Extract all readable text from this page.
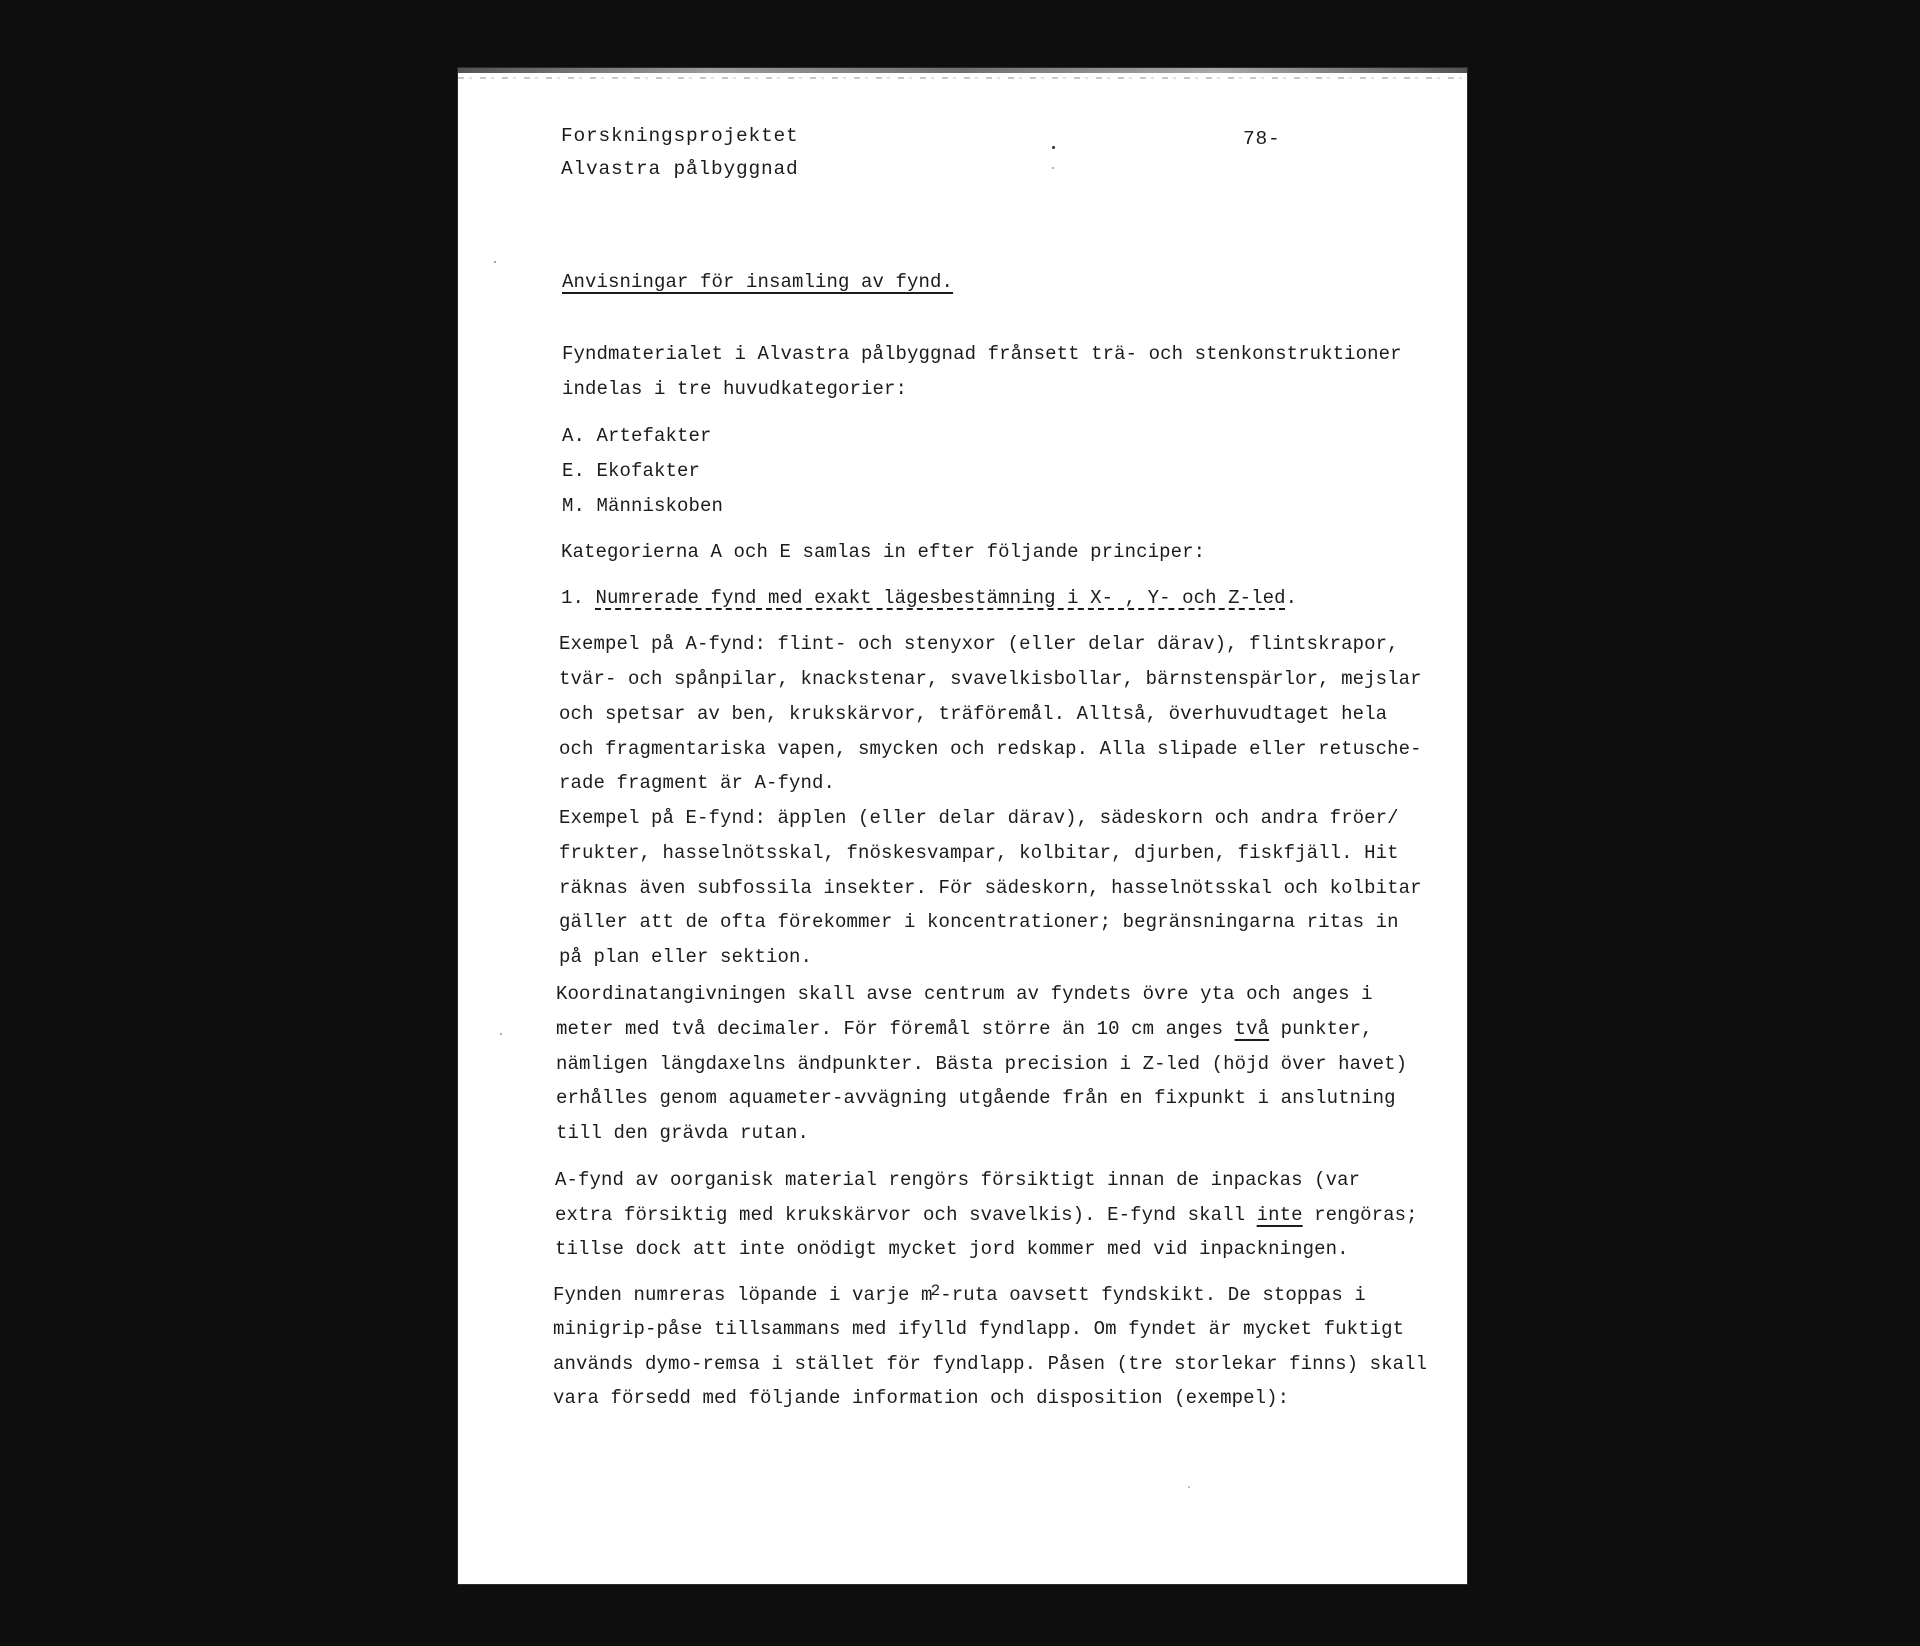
Forskningsprojektet
Alvastra pålbyggnad
78-
Anvisningar för insamling av fynd.
Fyndmaterialet i Alvastra pålbyggnad frånsett trä- och stenkonstruktioner
indelas i tre huvudkategorier:
A. Artefakter
E. Ekofakter
M. Människoben
Kategorierna A och E samlas in efter följande principer:
1. Numrerade fynd med exakt lägesbestämning i X- , Y- och Z-led.
Exempel på A-fynd: flint- och stenyxor (eller delar därav), flintskrapor,
tvär- och spånpilar, knackstenar, svavelkisbollar, bärnstenspärlor, mejslar
och spetsar av ben, krukskärvor, träföremål. Alltså, överhuvudtaget hela
och fragmentariska vapen, smycken och redskap. Alla slipade eller retusche-
rade fragment är A-fynd.
Exempel på E-fynd: äpplen (eller delar därav), sädeskorn och andra fröer/
frukter, hasselnötsskal, fnöskesvampar, kolbitar, djurben, fiskfjäll. Hit
räknas även subfossila insekter. För sädeskorn, hasselnötsskal och kolbitar
gäller att de ofta förekommer i koncentrationer; begränsningarna ritas in
på plan eller sektion.
Koordinatangivningen skall avse centrum av fyndets övre yta och anges i
meter med två decimaler. För föremål större än 10 cm anges två punkter,
nämligen längdaxelns ändpunkter. Bästa precision i Z-led (höjd över havet)
erhålles genom aquameter-avvägning utgående från en fixpunkt i anslutning
till den grävda rutan.
A-fynd av oorganisk material rengörs försiktigt innan de inpackas (var
extra försiktig med krukskärvor och svavelkis). E-fynd skall inte rengöras;
tillse dock att inte onödigt mycket jord kommer med vid inpackningen.
Fynden numreras löpande i varje $m^2$-ruta oavsett fyndskikt. De stoppas i
minigrip-påse tillsammans med ifylld fyndlapp. Om fyndet är mycket fuktigt
används dymo-remsa i stället för fyndlapp. Påsen (tre storlekar finns) skall
vara försedd med följande information och disposition (exempel):
